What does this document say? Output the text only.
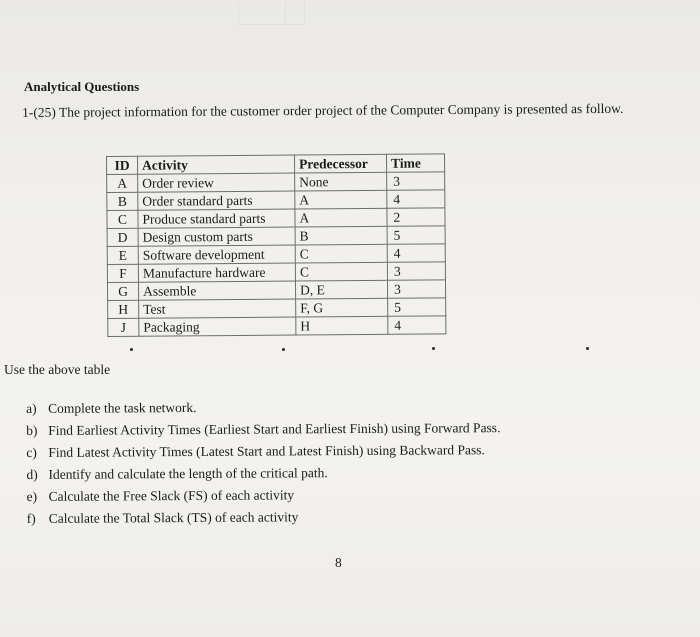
Analytical Questions
1-(25) The project information for the customer order project of the Computer Company is presented as follow.
ID	Activity	Predecessor	Time
A	Order review	None	3
B	Order standard parts	A	4
C	Produce standard parts	A	2
D	Design custom parts	B	5
E	Software development	C	4
F	Manufacture hardware	C	3
G	Assemble	D, E	3
H	Test	F, G	5
J	Packaging	H	4
Use the above table
a) Complete the task network.
b) Find Earliest Activity Times (Earliest Start and Earliest Finish) using Forward Pass.
c) Find Latest Activity Times (Latest Start and Latest Finish) using Backward Pass.
d) Identify and calculate the length of the critical path.
e) Calculate the Free Slack (FS) of each activity
f) Calculate the Total Slack (TS) of each activity
8
